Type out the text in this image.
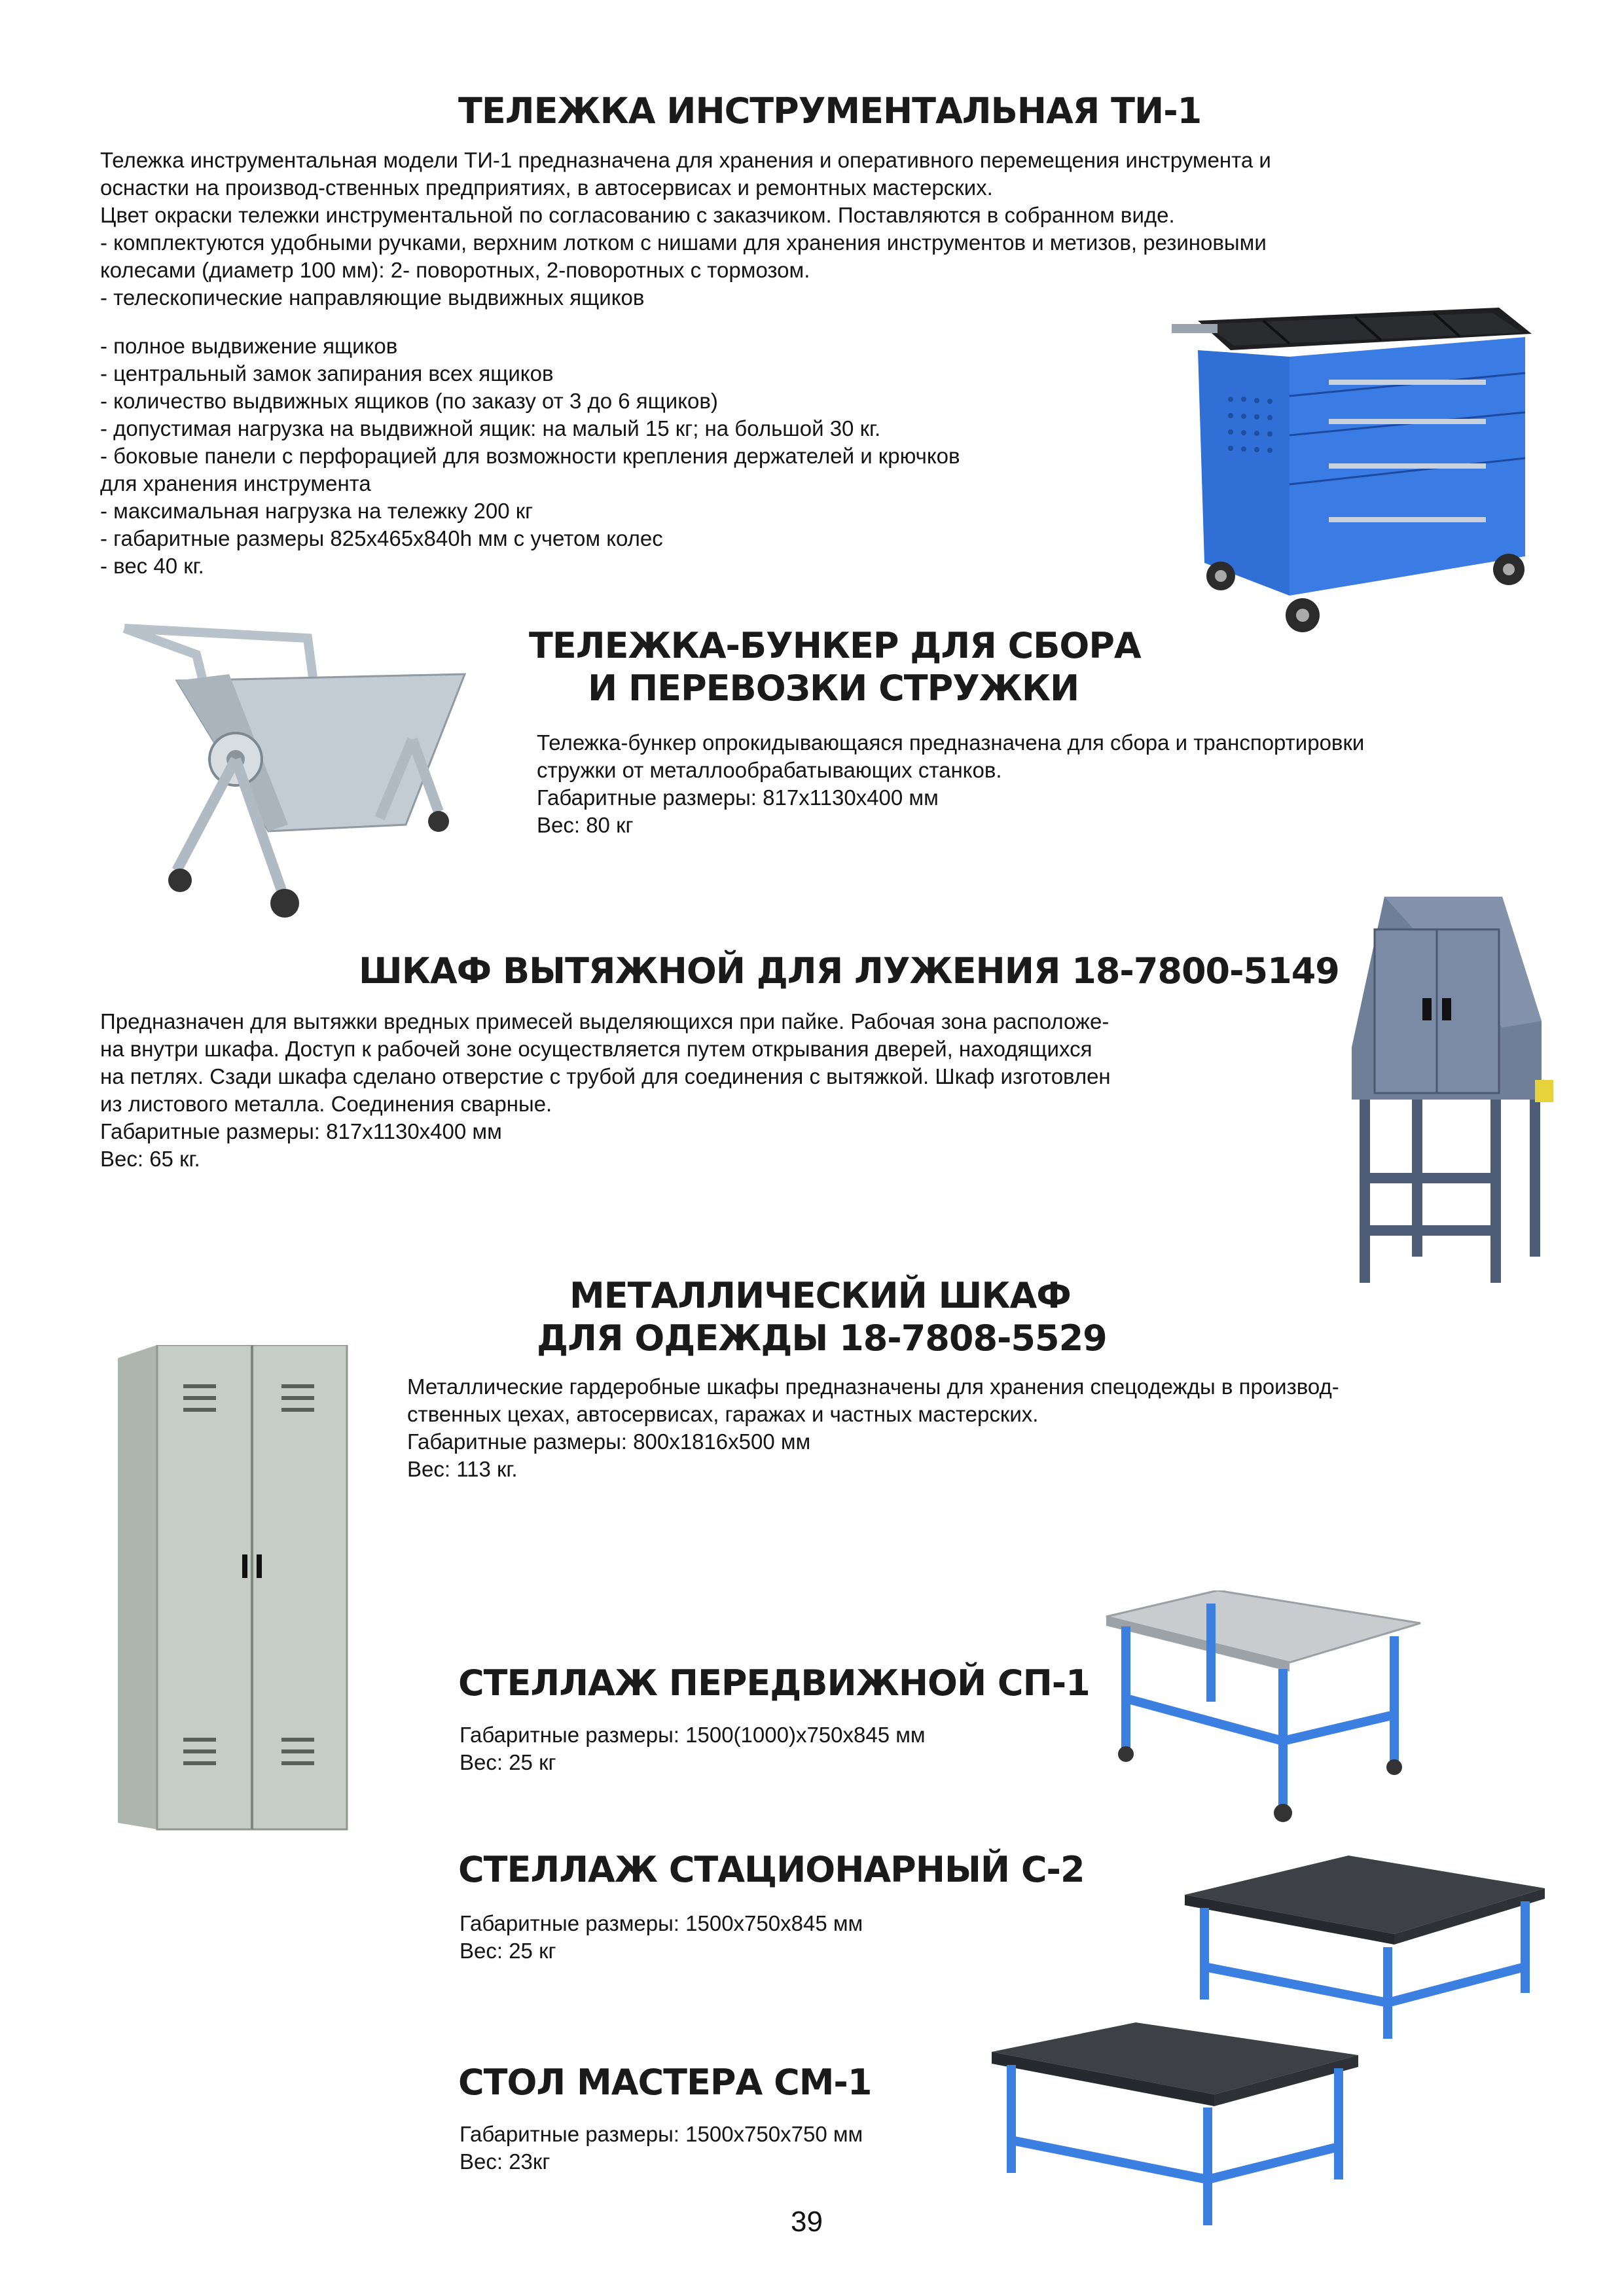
ТЕЛЕЖКА ИНСТРУМЕНТАЛЬНАЯ ТИ-1

Тележка инструментальная модели ТИ-1 предназначена для хранения и оперативного перемещения инструмента и

оснастки на производ-ственных предприятиях, в автосервисах и ремонтных мастерских.

Цвет окраски тележки инструментальной по согласованию с заказчиком. Поставляются в собранном виде.

- комплектуются удобными ручками, верхним лотком с нишами для хранения инструментов и метизов, резиновыми

колесами (диаметр 100 мм): 2- поворотных, 2-поворотных с тормозом.

- телескопические направляющие выдвижных ящиков

- полное выдвижение ящиков

- центральный замок запирания всех ящиков

- количество выдвижных ящиков (по заказу от 3 до 6 ящиков)

- допустимая нагрузка на выдвижной ящик: на малый 15 кг; на большой 30 кг.

- боковые панели с перфорацией для возможности крепления держателей и крючков

для хранения инструмента

- максимальная нагрузка на тележку 200 кг

- габаритные размеры 825х465х840h мм с учетом колес

- вес 40 кг.

ТЕЛЕЖКА-БУНКЕР ДЛЯ СБОРА
И ПЕРЕВОЗКИ СТРУЖКИ

Тележка-бункер опрокидывающаяся предназначена для сбора и транспортировки

стружки от металлообрабатывающих станков.

Габаритные размеры: 817х1130х400 мм

Вес: 80 кг

ШКАФ ВЫТЯЖНОЙ ДЛЯ ЛУЖЕНИЯ 18-7800-5149

Предназначен для вытяжки вредных примесей выделяющихся при пайке. Рабочая зона расположе-

на внутри шкафа. Доступ к рабочей зоне осуществляется путем открывания дверей, находящихся

на петлях. Сзади шкафа сделано отверстие с трубой для соединения с вытяжкой. Шкаф изготовлен

из листового металла. Соединения сварные.

Габаритные размеры: 817х1130х400 мм

Вес: 65 кг.

МЕТАЛЛИЧЕСКИЙ ШКАФ
ДЛЯ ОДЕЖДЫ 18-7808-5529

Металлические гардеробные шкафы предназначены для хранения спецодежды в производ-

ственных цехах, автосервисах, гаражах и частных мастерских.

Габаритные размеры: 800х1816х500 мм

Вес: 113 кг.

СТЕЛЛАЖ ПЕРЕДВИЖНОЙ СП-1

Габаритные размеры: 1500(1000)х750х845 мм

Вес: 25 кг

СТЕЛЛАЖ СТАЦИОНАРНЫЙ С-2

Габаритные размеры: 1500х750х845 мм

Вес: 25 кг

СТОЛ МАСТЕРА СМ-1

Габаритные размеры: 1500х750х750 мм

Вес: 23кг

39
